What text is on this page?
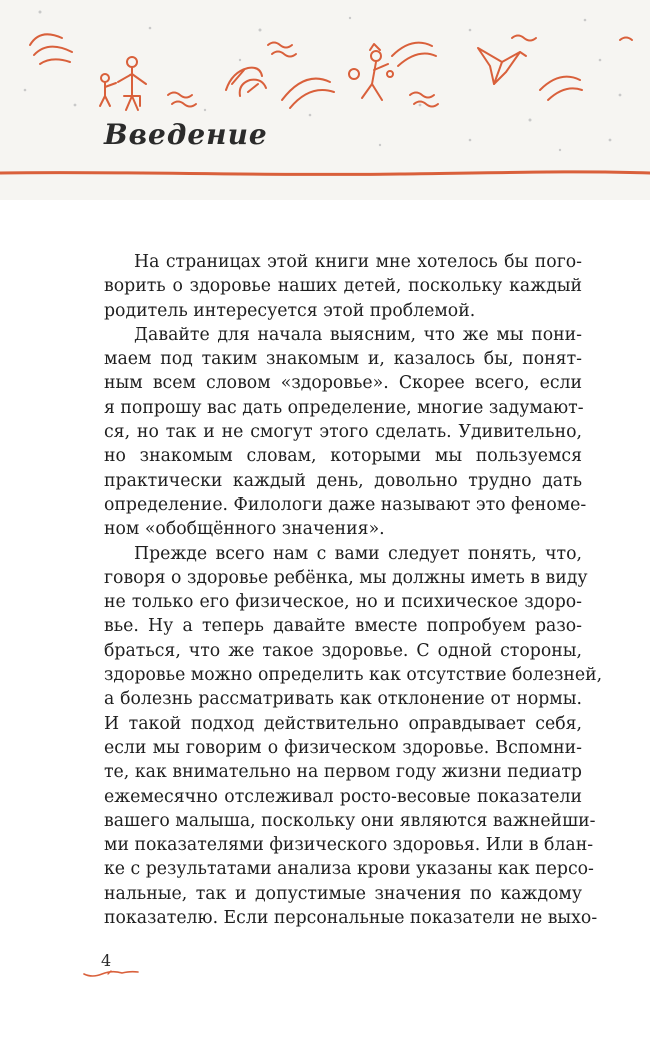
Введение
На страницах этой книги мне хотелось бы пого-
ворить о здоровье наших детей, поскольку каждый
родитель интересуется этой проблемой.
Давайте для начала выясним, что же мы пони-
маем под таким знакомым и, казалось бы, понят-
ным всем словом «здоровье». Скорее всего, если
я попрошу вас дать определение, многие задумают-
ся, но так и не смогут этого сделать. Удивительно,
но знакомым словам, которыми мы пользуемся
практически каждый день, довольно трудно дать
определение. Филологи даже называют это феноме-
ном «обобщённого значения».
Прежде всего нам с вами следует понять, что,
говоря о здоровье ребёнка, мы должны иметь в виду
не только его физическое, но и психическое здоро-
вье. Ну а теперь давайте вместе попробуем разо-
браться, что же такое здоровье. С одной стороны,
здоровье можно определить как отсутствие болезней,
а болезнь рассматривать как отклонение от нормы.
И такой подход действительно оправдывает себя,
если мы говорим о физическом здоровье. Вспомни-
те, как внимательно на первом году жизни педиатр
ежемесячно отслеживал росто-весовые показатели
вашего малыша, поскольку они являются важнейши-
ми показателями физического здоровья. Или в блан-
ке с результатами анализа крови указаны как персо-
нальные, так и допустимые значения по каждому
показателю. Если персональные показатели не выхо-
4
